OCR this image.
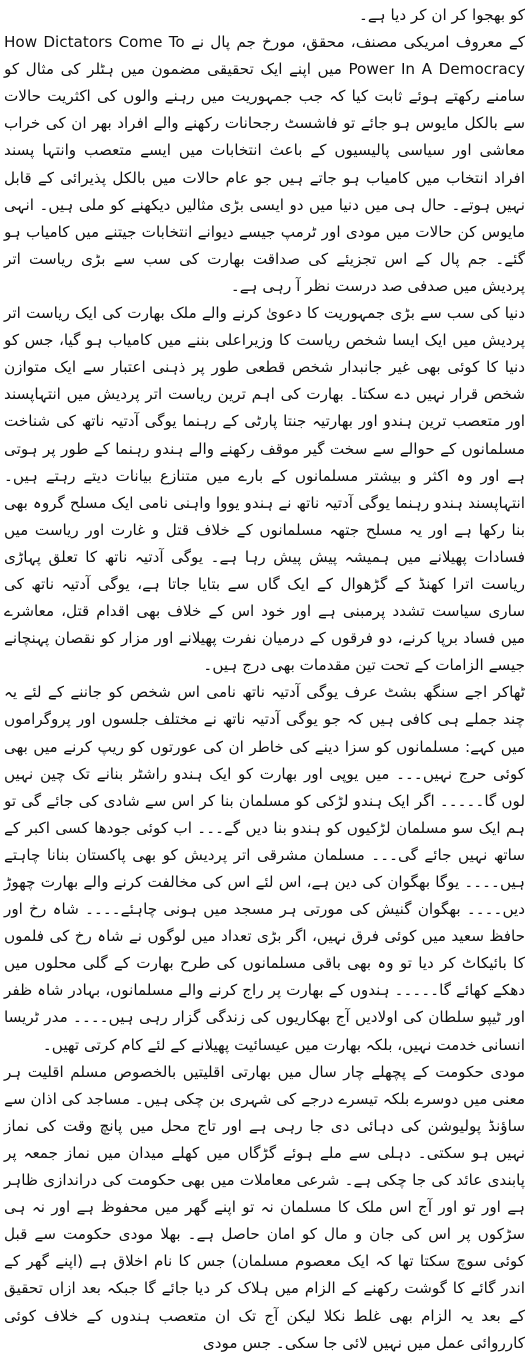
کو بھجوا کر ان کر دیا ہے۔

کے معروف امریکی مصنف، محقق، مورخ جم پال نے How Dictators Come To Power In A Democracy میں اپنے ایک تحقیقی مضمون میں ہٹلر کی مثال کو سامنے رکھتے ہوئے ثابت کیا کہ جب جمہوریت میں رہنے والوں کی اکثریت حالات سے بالکل مایوس ہو جائے تو فاشسٹ رجحانات رکھنے والے افراد بھر ان کی خراب معاشی اور سیاسی پالیسیوں کے باعث انتخابات میں ایسے متعصب وانتہا پسند افراد انتخاب میں کامیاب ہو جاتے ہیں جو عام حالات میں بالکل پذیرائی کے قابل نہیں ہوتے۔ حال ہی میں دنیا میں دو ایسی بڑی مثالیں دیکھنے کو ملی ہیں۔ انہی مایوس کن حالات میں مودی اور ٹرمپ جیسے دیوانے انتخابات جیتنے میں کامیاب ہو گئے۔ جم پال کے اس تجزیئے کی صداقت بھارت کی سب سے بڑی ریاست اتر پردیش میں صدفی صد درست نظر آ رہی ہے۔

دنیا کی سب سے بڑی جمہوریت کا دعویٰ کرنے والے ملک بھارت کی ایک ریاست اتر پردیش میں ایک ایسا شخص ریاست کا وزیراعلی بننے میں کامیاب ہو گیا، جس کو دنیا کا کوئی بھی غیر جانبدار شخص قطعی طور پر ذہنی اعتبار سے ایک متوازن شخص قرار نہیں دے سکتا۔ بھارت کی اہم ترین ریاست اتر پردیش میں انتہاپسند اور متعصب ترین ہندو اور بھارتیہ جنتا پارٹی کے رہنما یوگی آدتیہ ناتھ کی شناخت مسلمانوں کے حوالے سے سخت گیر موقف رکھنے والے ہندو رہنما کے طور پر ہوتی ہے اور وہ اکثر و بیشتر مسلمانوں کے بارے میں متنازع بیانات دیتے رہتے ہیں۔ انتہاپسند ہندو رہنما یوگی آدتیہ ناتھ نے ہندو یووا واہنی نامی ایک مسلح گروہ بھی بنا رکھا ہے اور یہ مسلح جتھہ مسلمانوں کے خلاف قتل و غارت اور ریاست میں فسادات پھیلانے میں ہمیشہ پیش پیش رہا ہے۔ یوگی آدتیہ ناتھ کا تعلق پہاڑی ریاست اترا کھنڈ کے گڑھوال کے ایک گاں سے بتایا جاتا ہے، یوگی آدتیہ ناتھ کی ساری سیاست تشدد پرمبنی ہے اور خود اس کے خلاف بھی اقدام قتل، معاشرے میں فساد برپا کرنے، دو فرقوں کے درمیان نفرت پھیلانے اور مزار کو نقصان پہنچانے جیسے الزامات کے تحت تین مقدمات بھی درج ہیں۔

ٹھاکر اجے سنگھ بشٹ عرف یوگی آدتیہ ناتھ نامی اس شخص کو جاننے کے لئے یہ چند جملے ہی کافی ہیں کہ جو یوگی آدتیہ ناتھ نے مختلف جلسوں اور پروگراموں میں کہے: مسلمانوں کو سزا دینے کی خاطر ان کی عورتوں کو ریپ کرنے میں بھی کوئی حرج نہیں۔۔۔ میں یوپی اور بھارت کو ایک ہندو راشٹر بنانے تک چین نہیں لوں گا۔۔۔۔۔ اگر ایک ہندو لڑکی کو مسلمان بنا کر اس سے شادی کی جائے گی تو ہم ایک سو مسلمان لڑکیوں کو ہندو بنا دیں گے۔۔۔ اب کوئی جودھا کسی اکبر کے ساتھ نہیں جائے گی۔۔۔ مسلمان مشرقی اتر پردیش کو بھی پاکستان بنانا چاہتے ہیں۔۔۔۔ یوگا بھگوان کی دین ہے، اس لئے اس کی مخالفت کرنے والے بھارت چھوڑ دیں۔۔۔۔ بھگوان گنیش کی مورتی ہر مسجد میں ہونی چاہئے۔۔۔۔ شاہ رخ اور حافظ سعید میں کوئی فرق نہیں، اگر بڑی تعداد میں لوگوں نے شاہ رخ کی فلموں کا بائیکاٹ کر دیا تو وہ بھی باقی مسلمانوں کی طرح بھارت کے گلی محلوں میں دھکے کھائے گا۔۔۔۔۔ ہندوں کے بھارت پر راج کرنے والے مسلمانوں، بہادر شاہ ظفر اور ٹیپو سلطان کی اولادیں آج بھکاریوں کی زندگی گزار رہی ہیں۔۔۔۔ مدر ٹریسا انسانی خدمت نہیں، بلکہ بھارت میں عیسائیت پھیلانے کے لئے کام کرتی تھیں۔

مودی حکومت کے پچھلے چار سال میں بھارتی اقلیتیں بالخصوص مسلم اقلیت ہر معنی میں دوسرے بلکہ تیسرے درجے کی شہری بن چکی ہیں۔ مساجد کی اذان سے ساؤنڈ پولیوشن کی دہائی دی جا رہی ہے اور تاج محل میں پانچ وقت کی نماز نہیں ہو سکتی۔ دہلی سے ملے ہوئے گڑگاں میں کھلے میدان میں نماز جمعہ پر پابندی عائد کی جا چکی ہے۔ شرعی معاملات میں بھی حکومت کی دراندازی ظاہر ہے اور تو اور آج اس ملک کا مسلمان نہ تو اپنے گھر میں محفوظ ہے اور نہ ہی سڑکوں پر اس کی جان و مال کو امان حاصل ہے۔ بھلا مودی حکومت سے قبل کوئی سوچ سکتا تھا کہ ایک معصوم مسلمان) جس کا نام اخلاق ہے (اپنے گھر کے اندر گائے کا گوشت رکھنے کے الزام میں ہلاک کر دیا جائے گا جبکہ بعد ازاں تحقیق کے بعد یہ الزام بھی غلط نکلا لیکن آج تک ان متعصب ہندوں کے خلاف کوئی کارروائی عمل میں نہیں لائی جا سکی۔ جس مودی
